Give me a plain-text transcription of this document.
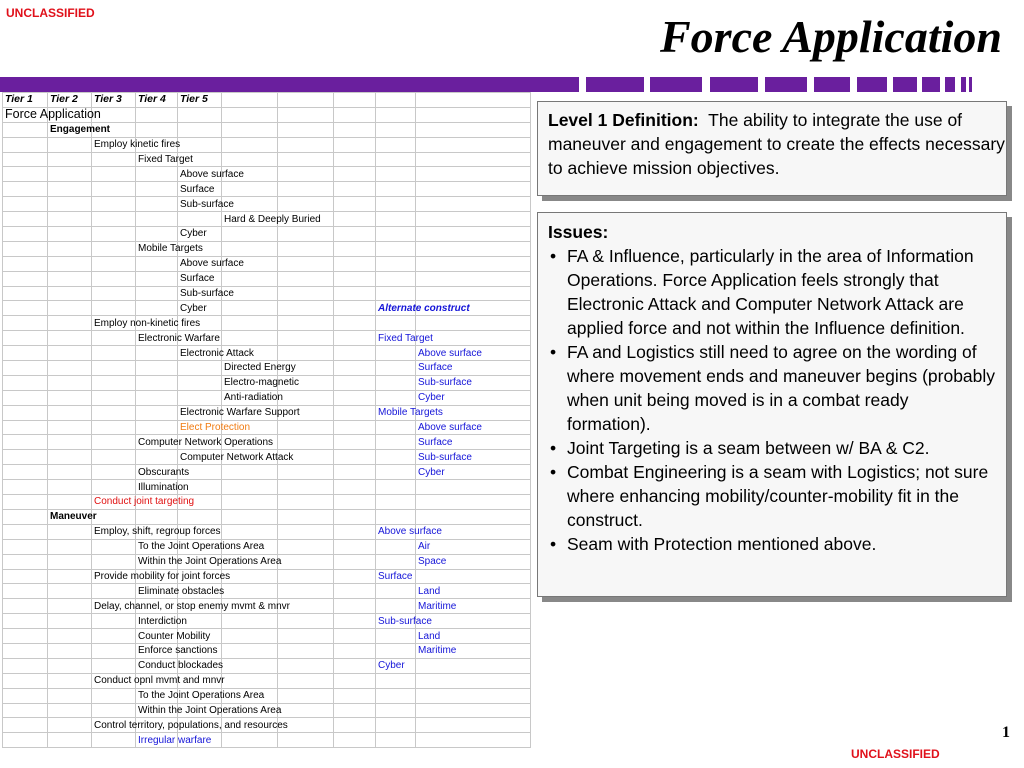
UNCLASSIFIED	Force Application
Tier 1	Tier 2	Tier 3	Tier 4	Tier 5					
Force Application									
	Engagement								
		Employ kinetic fires							
			Fixed Target						
				Above surface					
				Surface					
				Sub-surface					
					Hard & Deeply Buried				
				Cyber					
			Mobile Targets						
				Above surface					
				Surface					
				Sub-surface					
				Cyber				Alternate construct	
		Employ non-kinetic fires							
			Electronic Warfare					Fixed Target	
				Electronic Attack					Above surface
					Directed Energy				Surface
					Electro-magnetic				Sub-surface
					Anti-radiation				Cyber
				Electronic Warfare Support				Mobile Targets	
				Elect Protection					Above surface
			Computer Network Operations						Surface
				Computer Network Attack					Sub-surface
			Obscurants						Cyber
			Illumination						
		Conduct joint targeting							
	Maneuver								
		Employ, shift, regroup forces						Above surface	
			To the Joint Operations Area						Air
			Within the Joint Operations Area						Space
		Provide mobility for joint forces						Surface	
			Eliminate obstacles						Land
		Delay, channel, or stop enemy mvmt & mnvr							Maritime
			Interdiction					Sub-surface	
			Counter Mobility						Land
			Enforce sanctions						Maritime
			Conduct blockades					Cyber	
		Conduct opnl mvmt and mnvr							
			To the Joint Operations Area						
			Within the Joint Operations Area						
		Control territory, populations, and resources							
			Irregular warfare						
Level 1 Definition: The ability to integrate the use of maneuver and engagement to create the effects necessary to achieve mission objectives.
Issues:
• FA & Influence, particularly in the area of Information Operations. Force Application feels strongly that Electronic Attack and Computer Network Attack are applied force and not within the Influence definition.
• FA and Logistics still need to agree on the wording of where movement ends and maneuver begins (probably when unit being moved is in a combat ready formation).
• Joint Targeting is a seam between w/ BA & C2.
• Combat Engineering is a seam with Logistics; not sure where enhancing mobility/counter-mobility fit in the construct.
• Seam with Protection mentioned above.
1
UNCLASSIFIED
